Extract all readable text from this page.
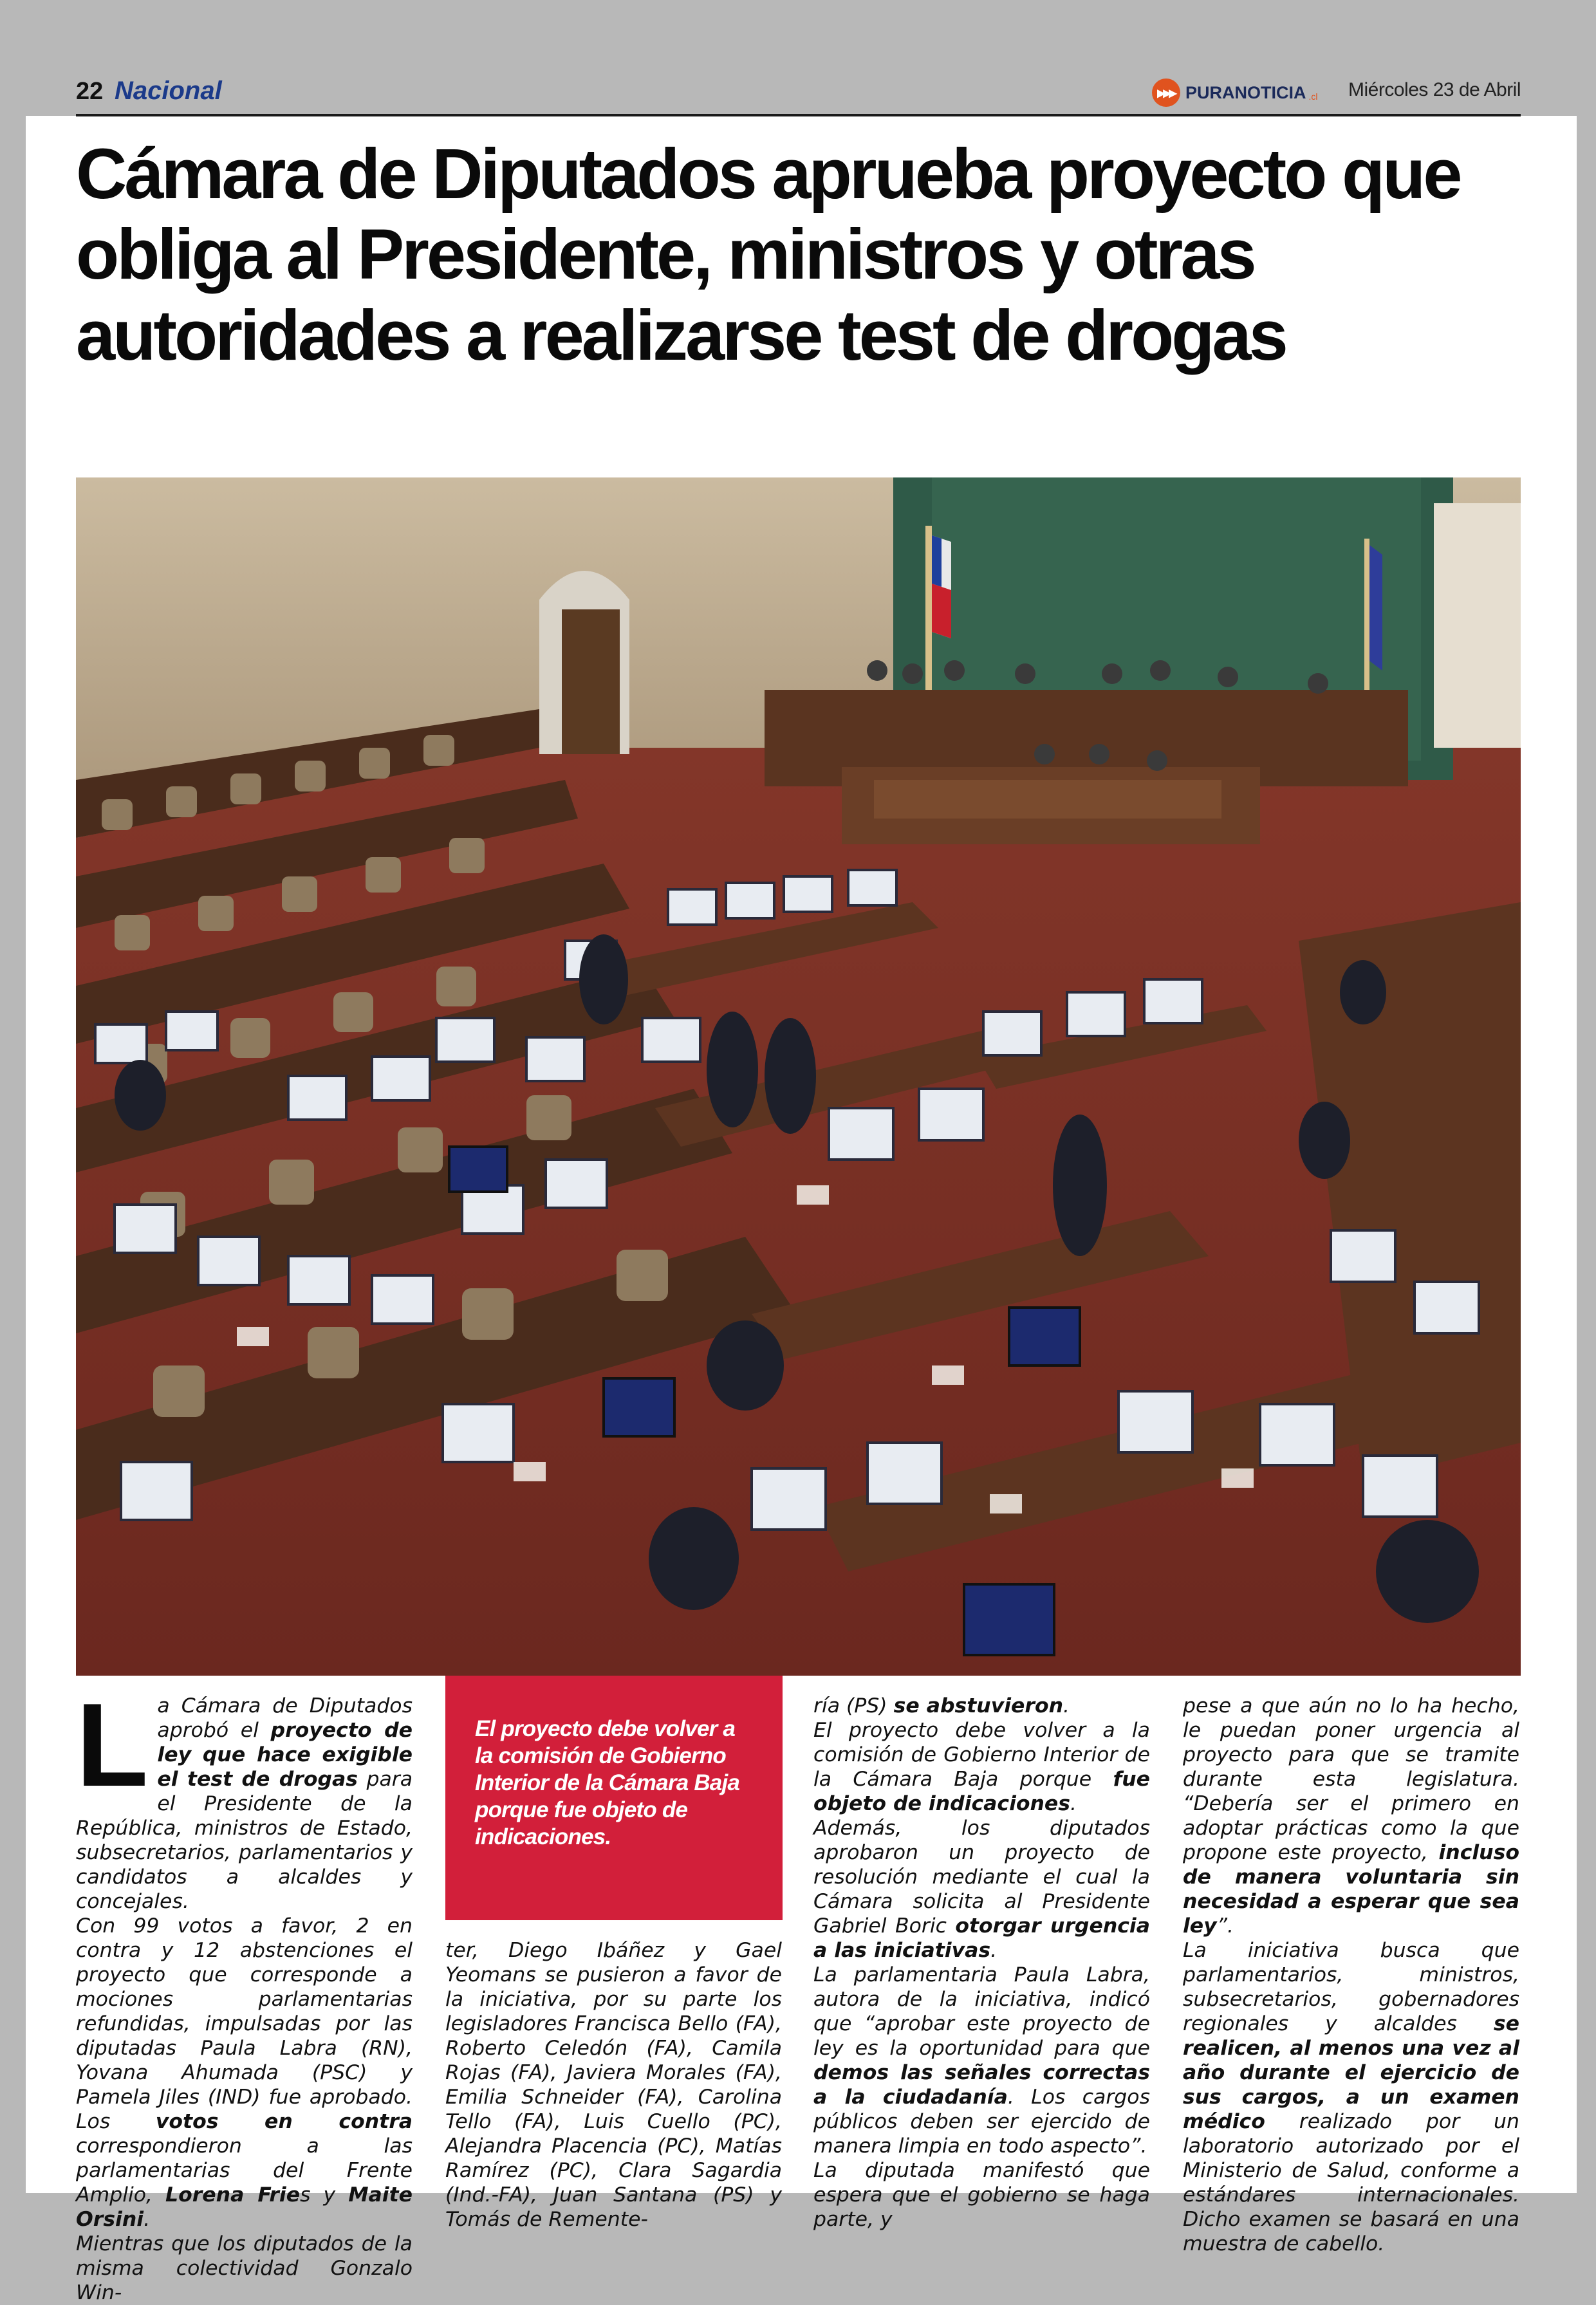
22 Nacional	▸▸▸ PURANOTICIA .cl Miércoles 23 de Abril
Cámara de Diputados aprueba proyecto que obliga al Presidente, ministros y otras autoridades a realizarse test de drogas

El proyecto debe volver a la comisión de Gobierno Interior de la Cámara Baja porque fue objeto de indicaciones.

L a Cámara de Diputados aprobó el proyecto de ley que hace exigible el test de drogas para el Presidente de la República, ministros de Estado, subsecretarios, parlamentarios y candidatos a alcaldes y concejales.

Con 99 votos a favor, 2 en contra y 12 abstenciones el proyecto que corresponde a mociones parlamentarias refundidas, impulsadas por las diputadas Paula Labra (RN), Yovana Ahumada (PSC) y Pamela Jiles (IND) fue aprobado. Los votos en contra correspondieron a las parlamentarias del Frente Amplio, Lorena Fries y Maite Orsini.

Mientras que los diputados de la misma colectividad Gonzalo Win-

ter, Diego Ibáñez y Gael Yeomans se pusieron a favor de la iniciativa, por su parte los legisladores Francisca Bello (FA), Roberto Celedón (FA), Camila Rojas (FA), Javiera Morales (FA), Emilia Schneider (FA), Carolina Tello (FA), Luis Cuello (PC), Alejandra Placencia (PC), Matías Ramírez (PC), Clara Sagardia (Ind.-FA), Juan Santana (PS) y Tomás de Remente-

ría (PS) se abstuvieron.

El proyecto debe volver a la comisión de Gobierno Interior de la Cámara Baja porque fue objeto de indicaciones.

Además, los diputados aprobaron un proyecto de resolución mediante el cual la Cámara solicita al Presidente Gabriel Boric otorgar urgencia a las iniciativas.

La parlamentaria Paula Labra, autora de la iniciativa, indicó que “aprobar este proyecto de ley es la oportunidad para que demos las señales correctas a la ciudadanía. Los cargos públicos deben ser ejercido de manera limpia en todo aspecto”.

La diputada manifestó que espera que el gobierno se haga parte, y

pese a que aún no lo ha hecho, le puedan poner urgencia al proyecto para que se tramite durante esta legislatura. “Debería ser el primero en adoptar prácticas como la que propone este proyecto, incluso de manera voluntaria sin necesidad a esperar que sea ley”.

La iniciativa busca que parlamentarios, ministros, subsecretarios, gobernadores regionales y alcaldes se realicen, al menos una vez al año durante el ejercicio de sus cargos, a un examen médico realizado por un laboratorio autorizado por el Ministerio de Salud, conforme a estándares internacionales. Dicho examen se basará en una muestra de cabello.
